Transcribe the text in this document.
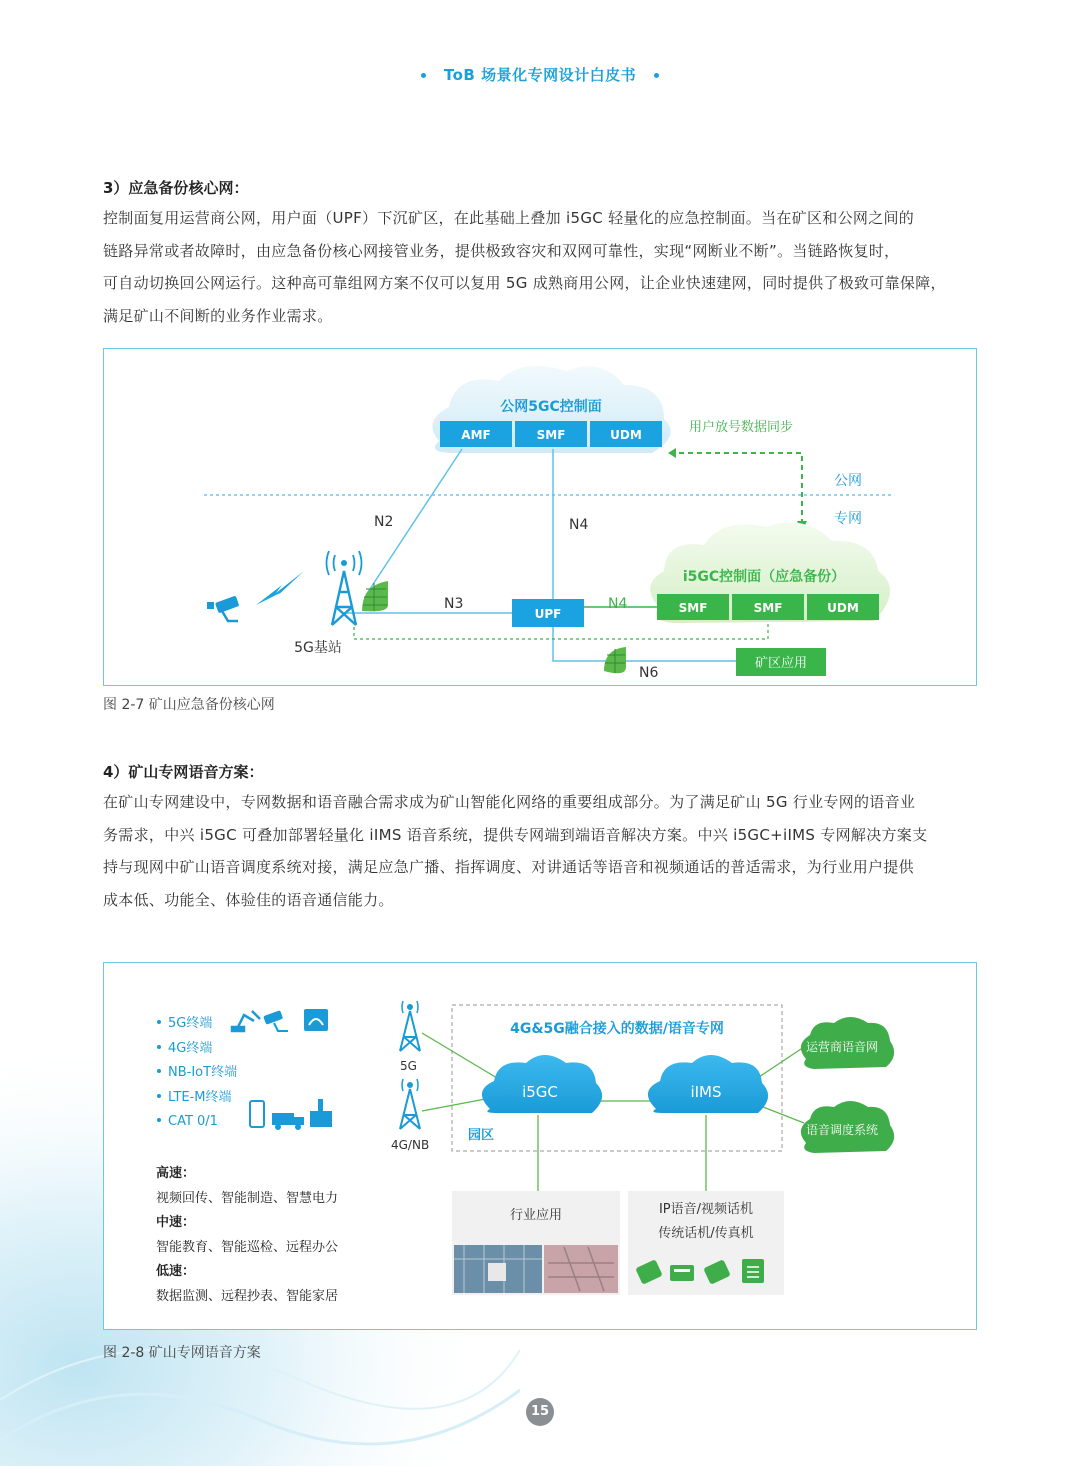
ToB 场景化专网设计白皮书
3）应急备份核心网：
控制面复用运营商公网，用户面（UPF）下沉矿区，在此基础上叠加 i5GC 轻量化的应急控制面。当在矿区和公网之间的
链路异常或者故障时，由应急备份核心网接管业务，提供极致容灾和双网可靠性，实现“网断业不断”。当链路恢复时，
可自动切换回公网运行。这种高可靠组网方案不仅可以复用 5G 成熟商用公网，让企业快速建网，同时提供了极致可靠保障，
满足矿山不间断的业务作业需求。
公网5GC控制面
AMF	SMF	UDM	用户放号数据同步
公网
专网
i5GC控制面（应急备份）
SMF	SMF	UDM
N2	N4
N3	N4
N6
UPF
矿区应用
5G基站
图 2-7 矿山应急备份核心网
4）矿山专网语音方案：
在矿山专网建设中，专网数据和语音融合需求成为矿山智能化网络的重要组成部分。为了满足矿山 5G 行业专网的语音业
务需求，中兴 i5GC 可叠加部署轻量化 iIMS 语音系统，提供专网端到端语音解决方案。中兴 i5GC+iIMS 专网解决方案支
持与现网中矿山语音调度系统对接，满足应急广播、指挥调度、对讲通话等语音和视频通话的普适需求，为行业用户提供
成本低、功能全、体验佳的语音通信能力。
5G终端
4G终端
NB-IoT终端
LTE-M终端
CAT 0/1
高速：
视频回传、智能制造、智慧电力
中速：
智能教育、智能巡检、远程办公
低速：
数据监测、远程抄表、智能家居
5G
4G/NB
4G&5G融合接入的数据/语音专网
园区
i5GC	iIMS
运营商语音网
语音调度系统
行业应用	IP语音/视频话机
传统话机/传真机
图 2-8 矿山专网语音方案
15
